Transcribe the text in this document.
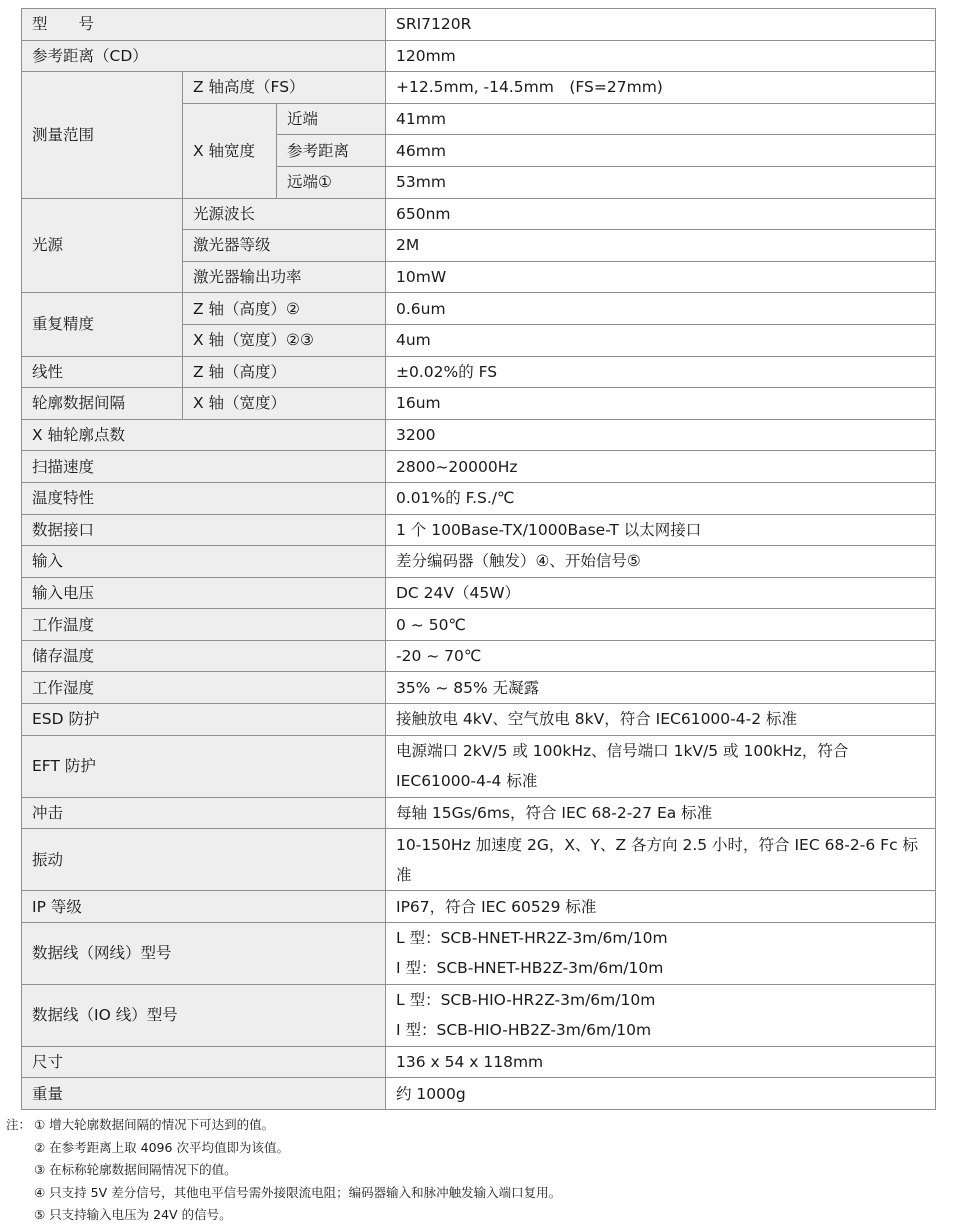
型　　号			SRI7120R
参考距离（CD）			120mm
测量范围	Z 轴高度（FS）		+12.5mm, -14.5mm　(FS=27mm)
	X 轴宽度	近端	41mm
		参考距离	46mm
		远端①	53mm
光源	光源波长		650nm
	激光器等级		2M
	激光器输出功率		10mW
重复精度	Z 轴（高度）②		0.6um
	X 轴（宽度）②③		4um
线性	Z 轴（高度）		±0.02%的 FS
轮廓数据间隔	X 轴（宽度）		16um
X 轴轮廓点数			3200
扫描速度			2800~20000Hz
温度特性			0.01%的 F.S./℃
数据接口			1 个 100Base-TX/1000Base-T 以太网接口
输入			差分编码器（触发）④、开始信号⑤
输入电压			DC 24V（45W）
工作温度			0 ~ 50℃
储存温度			-20 ~ 70℃
工作湿度			35% ~ 85% 无凝露
ESD 防护			接触放电 4kV、空气放电 8kV，符合 IEC61000-4-2 标准
EFT 防护			电源端口 2kV/5 或 100kHz、信号端口 1kV/5 或 100kHz，符合 IEC61000-4-4 标准
冲击			每轴 15Gs/6ms，符合 IEC 68-2-27 Ea 标准
振动			10-150Hz 加速度 2G，X、Y、Z 各方向 2.5 小时，符合 IEC 68-2-6 Fc 标准
IP 等级			IP67，符合 IEC 60529 标准
数据线（网线）型号			L 型：SCB-HNET-HR2Z-3m/6m/10m
I 型：SCB-HNET-HB2Z-3m/6m/10m

数据线（IO 线）型号			L 型：SCB-HIO-HR2Z-3m/6m/10m
I 型：SCB-HIO-HB2Z-3m/6m/10m

尺寸			136 x 54 x 118mm
重量			约 1000g
注： ① 增大轮廓数据间隔的情况下可达到的值。
② 在参考距离上取 4096 次平均值即为该值。
③ 在标称轮廓数据间隔情况下的值。
④ 只支持 5V 差分信号，其他电平信号需外接限流电阻；编码器输入和脉冲触发输入端口复用。
⑤ 只支持输入电压为 24V 的信号。
